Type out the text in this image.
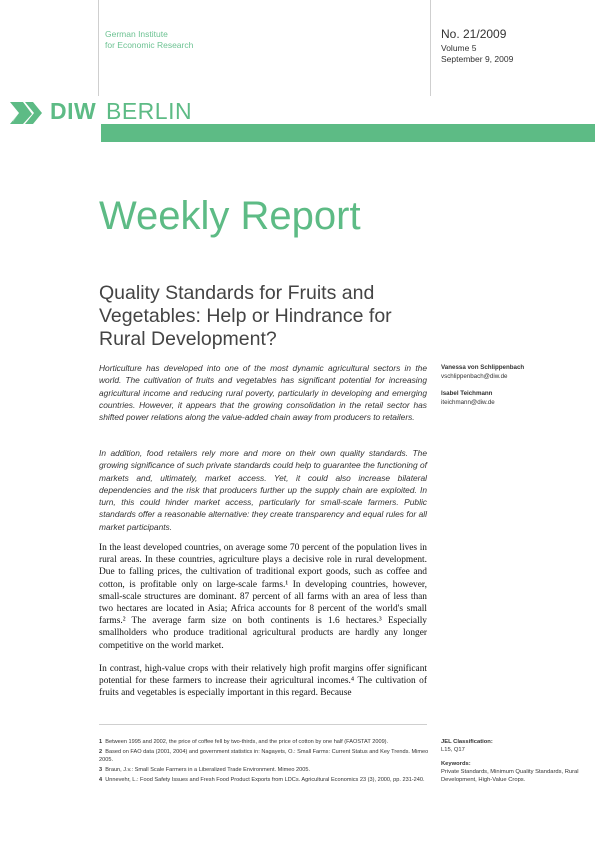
German Institute
for Economic Research
No. 21/2009
Volume 5
September 9, 2009
DIW BERLIN
Weekly Report
Quality Standards for Fruits and Vegetables: Help or Hindrance for Rural Development?
Vanessa von Schlippenbach
vschlippenbach@diw.de
Isabel Teichmann
iteichmann@diw.de
Horticulture has developed into one of the most dynamic agricultural sectors in the world. The cultivation of fruits and vegetables has significant potential for increasing agricultural income and reducing rural poverty, particularly in developing and emerging countries. However, it appears that the growing consolidation in the retail sector has shifted power relations along the value-added chain away from producers to retailers.
In addition, food retailers rely more and more on their own quality standards. The growing significance of such private standards could help to guarantee the functioning of markets and, ultimately, market access. Yet, it could also increase bilateral dependencies and the risk that producers further up the supply chain are exploited. In turn, this could hinder market access, particularly for small-scale farmers. Public standards offer a reasonable alternative: they create transparency and equal rules for all market participants.
In the least developed countries, on average some 70 percent of the population lives in rural areas. In these countries, agriculture plays a decisive role in rural development. Due to falling prices, the cultivation of traditional export goods, such as coffee and cotton, is profitable only on large-scale farms.¹ In developing countries, however, small-scale structures are dominant. 87 percent of all farms with an area of less than two hectares are located in Asia; Africa accounts for 8 percent of the world's small farms.² The average farm size on both continents is 1.6 hectares.³ Especially smallholders who produce traditional agricultural products are hardly any longer competitive on the world market.
In contrast, high-value crops with their relatively high profit margins offer significant potential for these farmers to increase their agricultural incomes.⁴ The cultivation of fruits and vegetables is especially important in this regard. Because
1 Between 1995 and 2002, the price of coffee fell by two-thirds, and the price of cotton by one half (FAOSTAT 2009).
2 Based on FAO data (2001, 2004) and government statistics in: Nagayets, O.: Small Farms: Current Status and Key Trends. Mimeo 2005.
3 Braun, J.v.: Small Scale Farmers in a Liberalized Trade Environment. Mimeo 2005.
4 Unnevehr, L.: Food Safety Issues and Fresh Food Product Exports from LDCs. Agricultural Economics 23 (3), 2000, pp. 231-240.
JEL Classification:
L15, Q17
Keywords:
Private Standards, Minimum Quality Standards, Rural Development, High-Value Crops.
